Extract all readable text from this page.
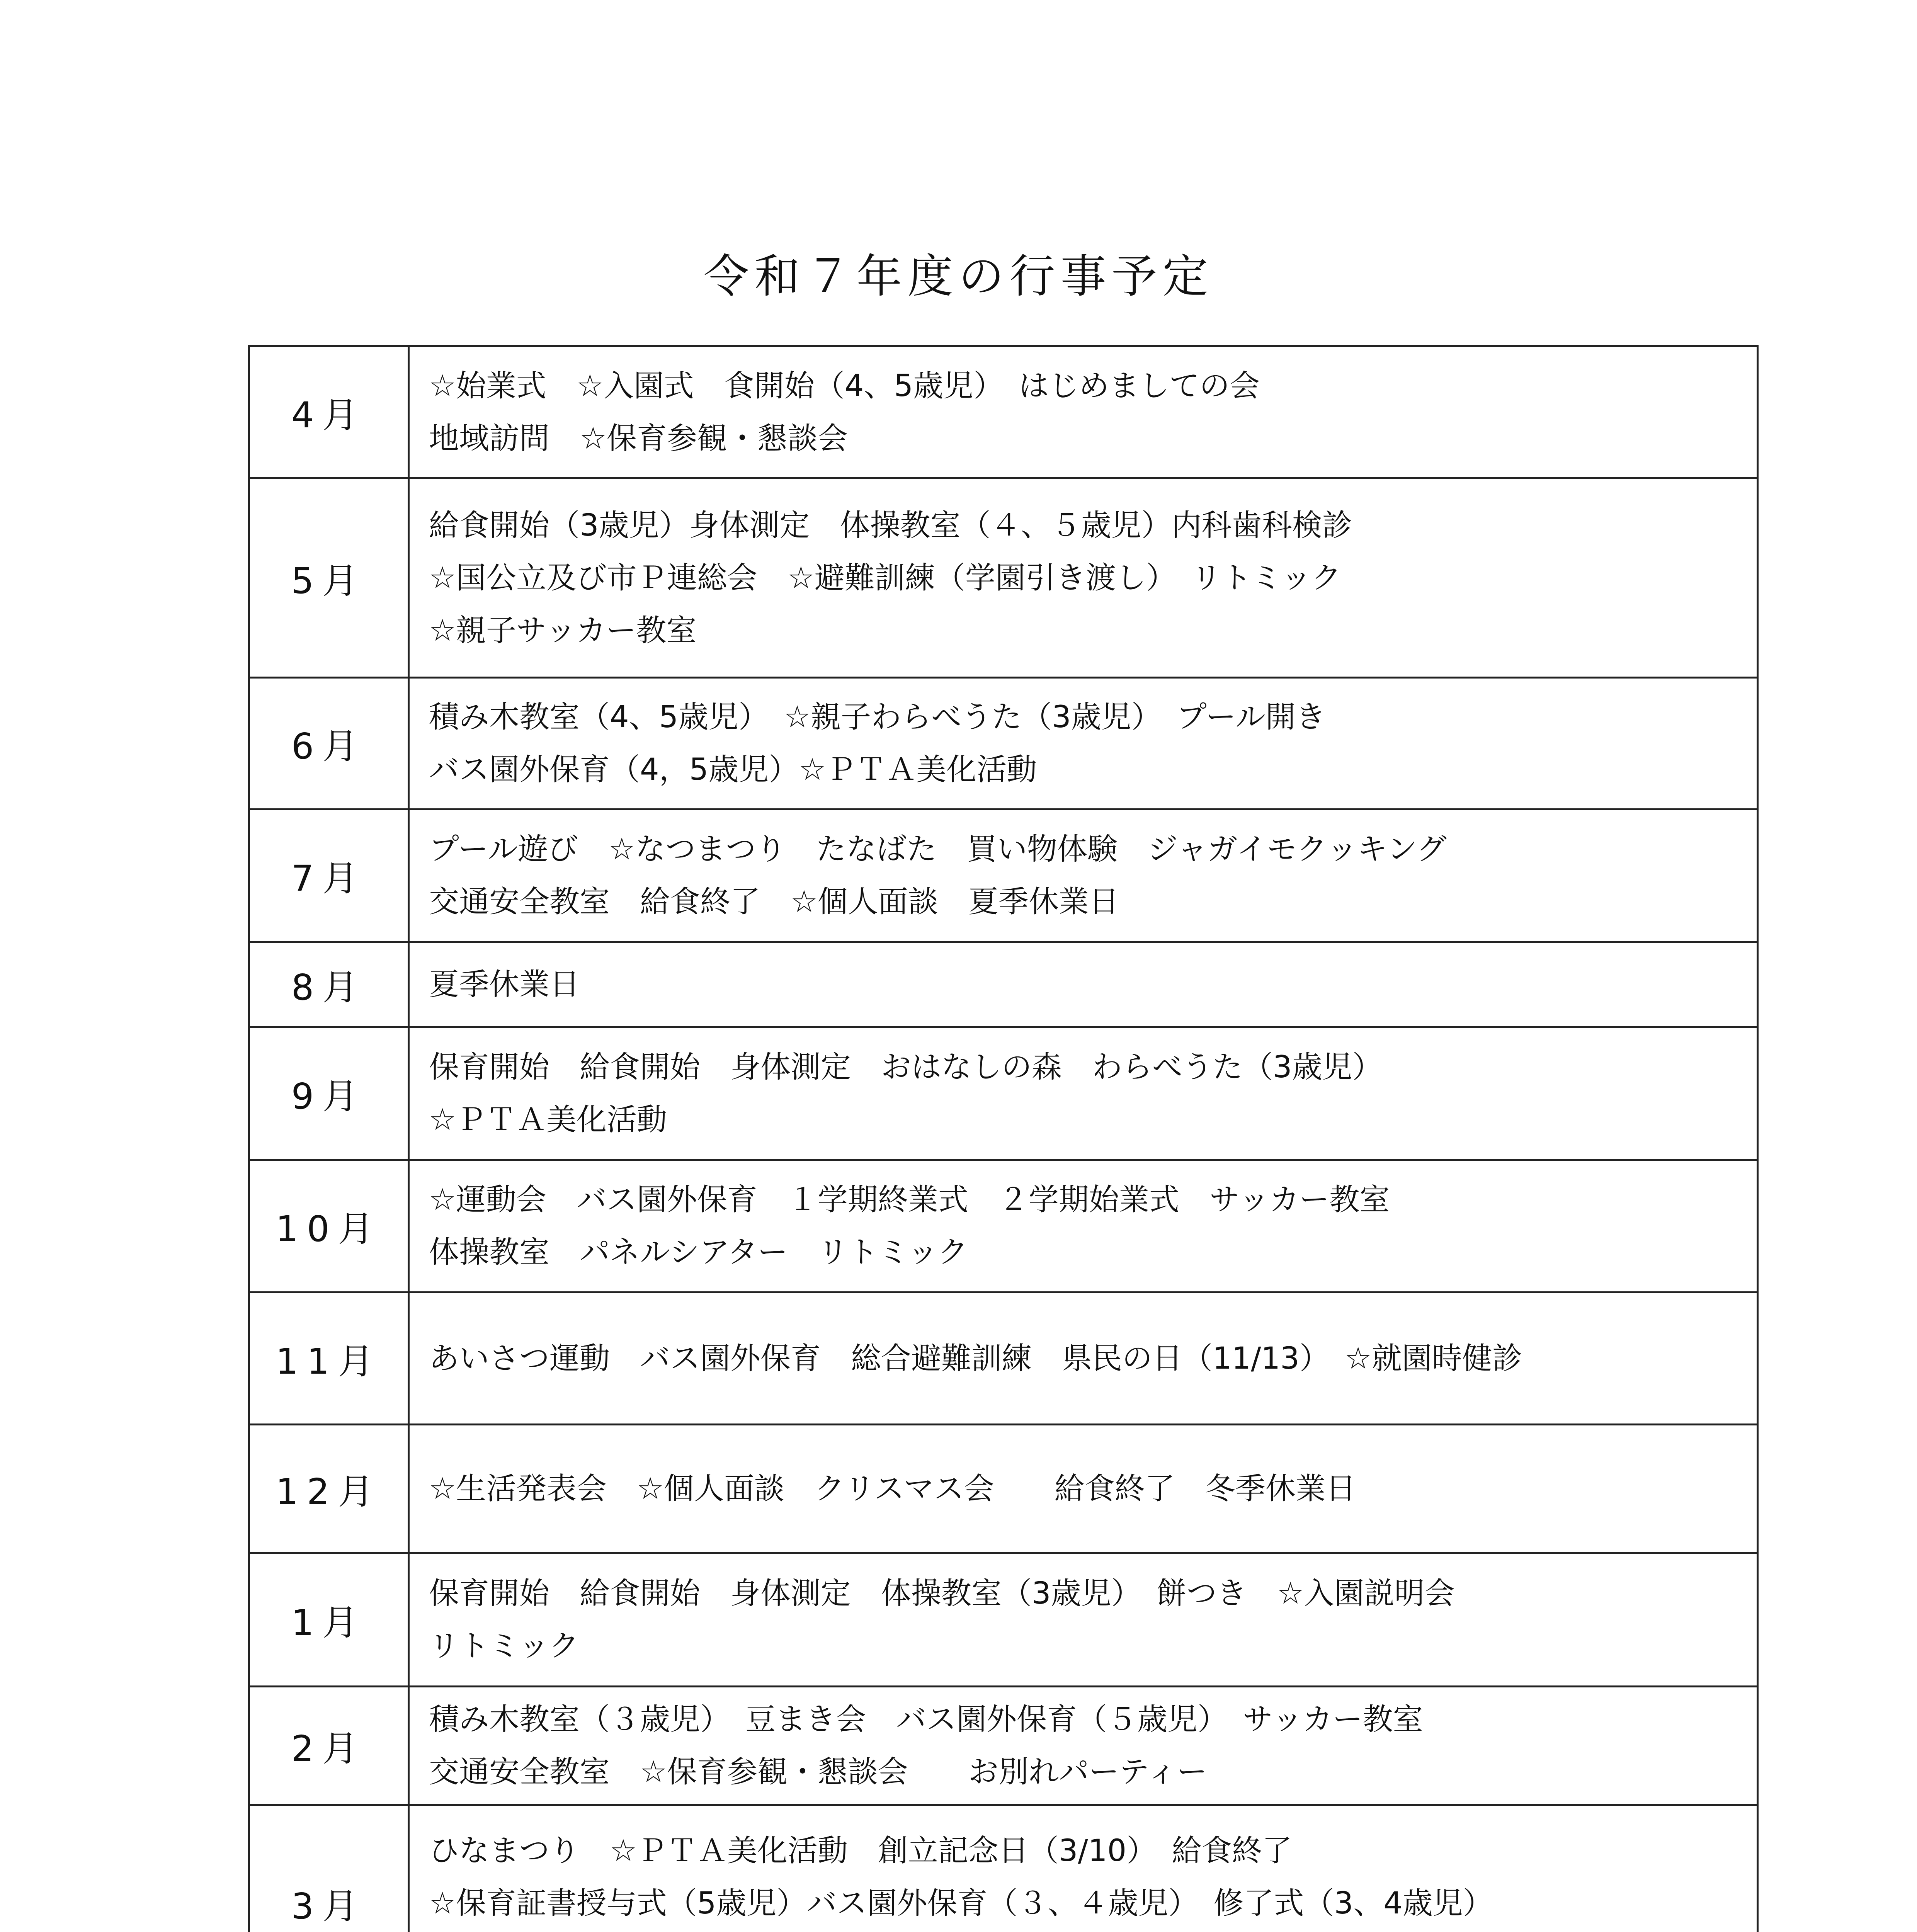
令和７年度の行事予定
4月	☆始業式　☆入園式　食開始（4、5歳児）　はじめましての会
地域訪問　☆保育参観・懇談会

5月	給食開始（3歳児）身体測定　体操教室（４、５歳児）内科歯科検診
☆国公立及び市Ｐ連総会　☆避難訓練（学園引き渡し）　リトミック
☆親子サッカー教室

6月	積み木教室（4、5歳児）　☆親子わらべうた（3歳児）　プール開き
バス園外保育（4，5歳児）☆ＰＴＡ美化活動

7月	プール遊び　☆なつまつり　たなばた　買い物体験　ジャガイモクッキング
交通安全教室　給食終了　☆個人面談　夏季休業日

8月	夏季休業日

9月	保育開始　給食開始　身体測定　おはなしの森　わらべうた（3歳児）
☆ＰＴＡ美化活動

10月	☆運動会　バス園外保育　１学期終業式　２学期始業式　サッカー教室
体操教室　パネルシアター　リトミック

11月	あいさつ運動　バス園外保育　総合避難訓練　県民の日（11/13）　☆就園時健診

12月	☆生活発表会　☆個人面談　クリスマス会　　給食終了　冬季休業日

1月	保育開始　給食開始　身体測定　体操教室（3歳児）　餅つき　☆入園説明会
リトミック

2月	積み木教室（３歳児）　豆まき会　バス園外保育（５歳児）　サッカー教室
交通安全教室　☆保育参観・懇談会　　お別れパーティー

3月	ひなまつり　☆ＰＴＡ美化活動　創立記念日（3/10）　給食終了
☆保育証書授与式（5歳児）バス園外保育（３、４歳児）　修了式（3、4歳児）
